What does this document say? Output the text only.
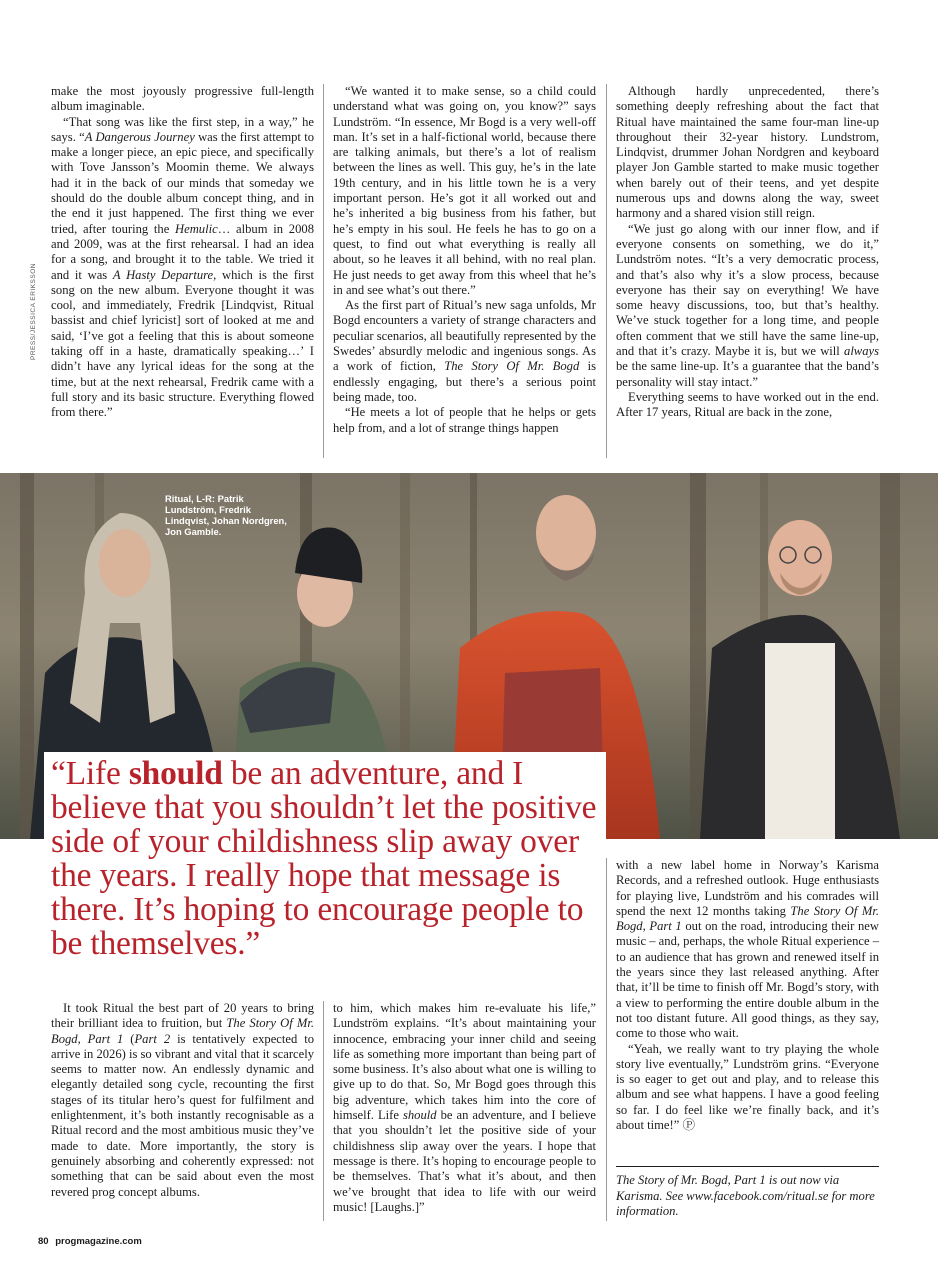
make the most joyously progressive full-length album imaginable.

“That song was like the first step, in a way,” he says. “A Dangerous Journey was the first attempt to make a longer piece, an epic piece, and specifically with Tove Jansson’s Moomin theme. We always had it in the back of our minds that someday we should do the double album concept thing, and in the end it just happened. The first thing we ever tried, after touring the Hemulic… album in 2008 and 2009, was at the first rehearsal. I had an idea for a song, and brought it to the table. We tried it and it was A Hasty Departure, which is the first song on the new album. Everyone thought it was cool, and immediately, Fredrik [Lindqvist, Ritual bassist and chief lyricist] sort of looked at me and said, ‘I’ve got a feeling that this is about someone taking off in a haste, dramatically speaking…’ I didn’t have any lyrical ideas for the song at the time, but at the next rehearsal, Fredrik came with a full story and its basic structure. Everything flowed from there.”

PRESS/JESSICA ERIKSSON

“We wanted it to make sense, so a child could understand what was going on, you know?” says Lundström. “In essence, Mr Bogd is a very well-off man. It’s set in a half-fictional world, because there are talking animals, but there’s a lot of realism between the lines as well. This guy, he’s in the late 19th century, and in his little town he is a very important person. He’s got it all worked out and he’s inherited a big business from his father, but he’s empty in his soul. He feels he has to go on a quest, to find out what everything is really all about, so he leaves it all behind, with no real plan. He just needs to get away from this wheel that he’s in and see what’s out there.”

As the first part of Ritual’s new saga unfolds, Mr Bogd encounters a variety of strange characters and peculiar scenarios, all beautifully represented by the Swedes’ absurdly melodic and ingenious songs. As a work of fiction, The Story Of Mr. Bogd is endlessly engaging, but there’s a serious point being made, too.

“He meets a lot of people that he helps or gets help from, and a lot of strange things happen

Although hardly unprecedented, there’s something deeply refreshing about the fact that Ritual have maintained the same four-man line-up throughout their 32-year history. Lundstrom, Lindqvist, drummer Johan Nordgren and keyboard player Jon Gamble started to make music together when barely out of their teens, and yet despite numerous ups and downs along the way, sweet harmony and a shared vision still reign.

“We just go along with our inner flow, and if everyone consents on something, we do it,” Lundström notes. “It’s a very democratic process, and that’s also why it’s a slow process, because everyone has their say on everything! We have some heavy discussions, too, but that’s healthy. We’ve stuck together for a long time, and people often comment that we still have the same line-up, and that it’s crazy. Maybe it is, but we will always be the same line-up. It’s a guarantee that the band’s personality will stay intact.”

Everything seems to have worked out in the end. After 17 years, Ritual are back in the zone,

Ritual, L-R: Patrik Lundström, Fredrik Lindqvist, Johan Nordgren, Jon Gamble.
“Life should be an adventure, and I believe that you shouldn’t let the positive side of your childishness slip away over the years. I really hope that message is there. It’s hoping to encourage people to be themselves.”

It took Ritual the best part of 20 years to bring their brilliant idea to fruition, but The Story Of Mr. Bogd, Part 1 (Part 2 is tentatively expected to arrive in 2026) is so vibrant and vital that it scarcely seems to matter now. An endlessly dynamic and elegantly detailed song cycle, recounting the first stages of its titular hero’s quest for fulfilment and enlightenment, it’s both instantly recognisable as a Ritual record and the most ambitious music they’ve made to date. More importantly, the story is genuinely absorbing and coherently expressed: not something that can be said about even the most revered prog concept albums.

to him, which makes him re-evaluate his life,” Lundström explains. “It’s about maintaining your innocence, embracing your inner child and seeing life as something more important than being part of some business. It’s also about what one is willing to give up to do that. So, Mr Bogd goes through this big adventure, which takes him into the core of himself. Life should be an adventure, and I believe that you shouldn’t let the positive side of your childishness slip away over the years. I hope that message is there. It’s hoping to encourage people to be themselves. That’s what it’s about, and then we’ve brought that idea to life with our weird music! [Laughs.]”

with a new label home in Norway’s Karisma Records, and a refreshed outlook. Huge enthusiasts for playing live, Lundström and his comrades will spend the next 12 months taking The Story Of Mr. Bogd, Part 1 out on the road, introducing their new music – and, perhaps, the whole Ritual experience – to an audience that has grown and renewed itself in the years since they last released anything. After that, it’ll be time to finish off Mr. Bogd’s story, with a view to performing the entire double album in the not too distant future. All good things, as they say, come to those who wait.

“Yeah, we really want to try playing the whole story live eventually,” Lundström grins. “Everyone is so eager to get out and play, and to release this album and see what happens. I have a good feeling so far. I do feel like we’re finally back, and it’s about time!” Ⓟ

The Story of Mr. Bogd, Part 1 is out now via Karisma. See www.facebook.com/ritual.se for more information.
80 progmagazine.com
